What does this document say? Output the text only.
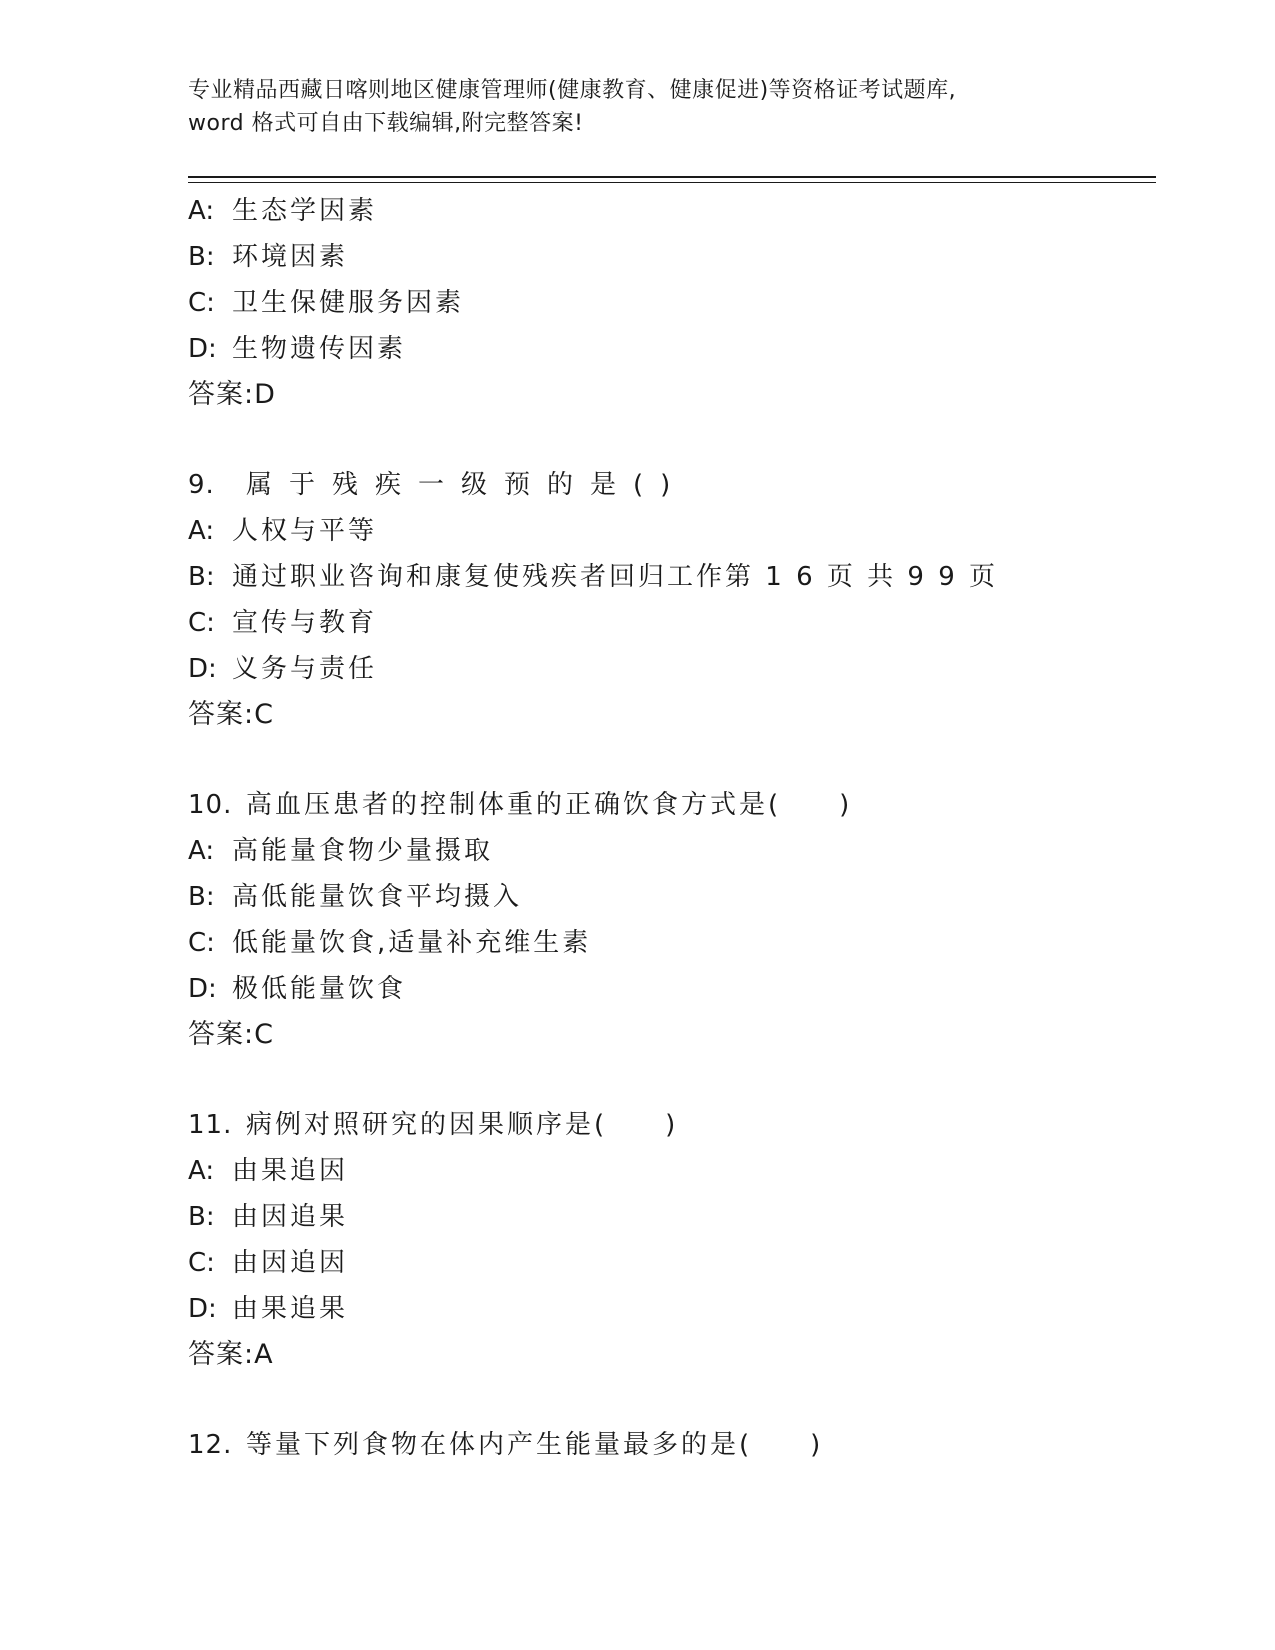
专业精品西藏日喀则地区健康管理师(健康教育、健康促进)等资格证考试题库,
word 格式可自由下载编辑,附完整答案!
A: 生态学因素
B: 环境因素
C: 卫生保健服务因素
D: 生物遗传因素
答案:D
9. 属于残疾一级预的是()
A: 人权与平等
B: 通过职业咨询和康复使残疾者回归工作第 1 6 页 共 9 9 页
C: 宣传与教育
D: 义务与责任
答案:C
10. 高血压患者的控制体重的正确饮食方式是(　　)
A: 高能量食物少量摄取
B: 高低能量饮食平均摄入
C: 低能量饮食,适量补充维生素
D: 极低能量饮食
答案:C
11. 病例对照研究的因果顺序是(　　)
A: 由果追因
B: 由因追果
C: 由因追因
D: 由果追果
答案:A
12. 等量下列食物在体内产生能量最多的是(　　)
